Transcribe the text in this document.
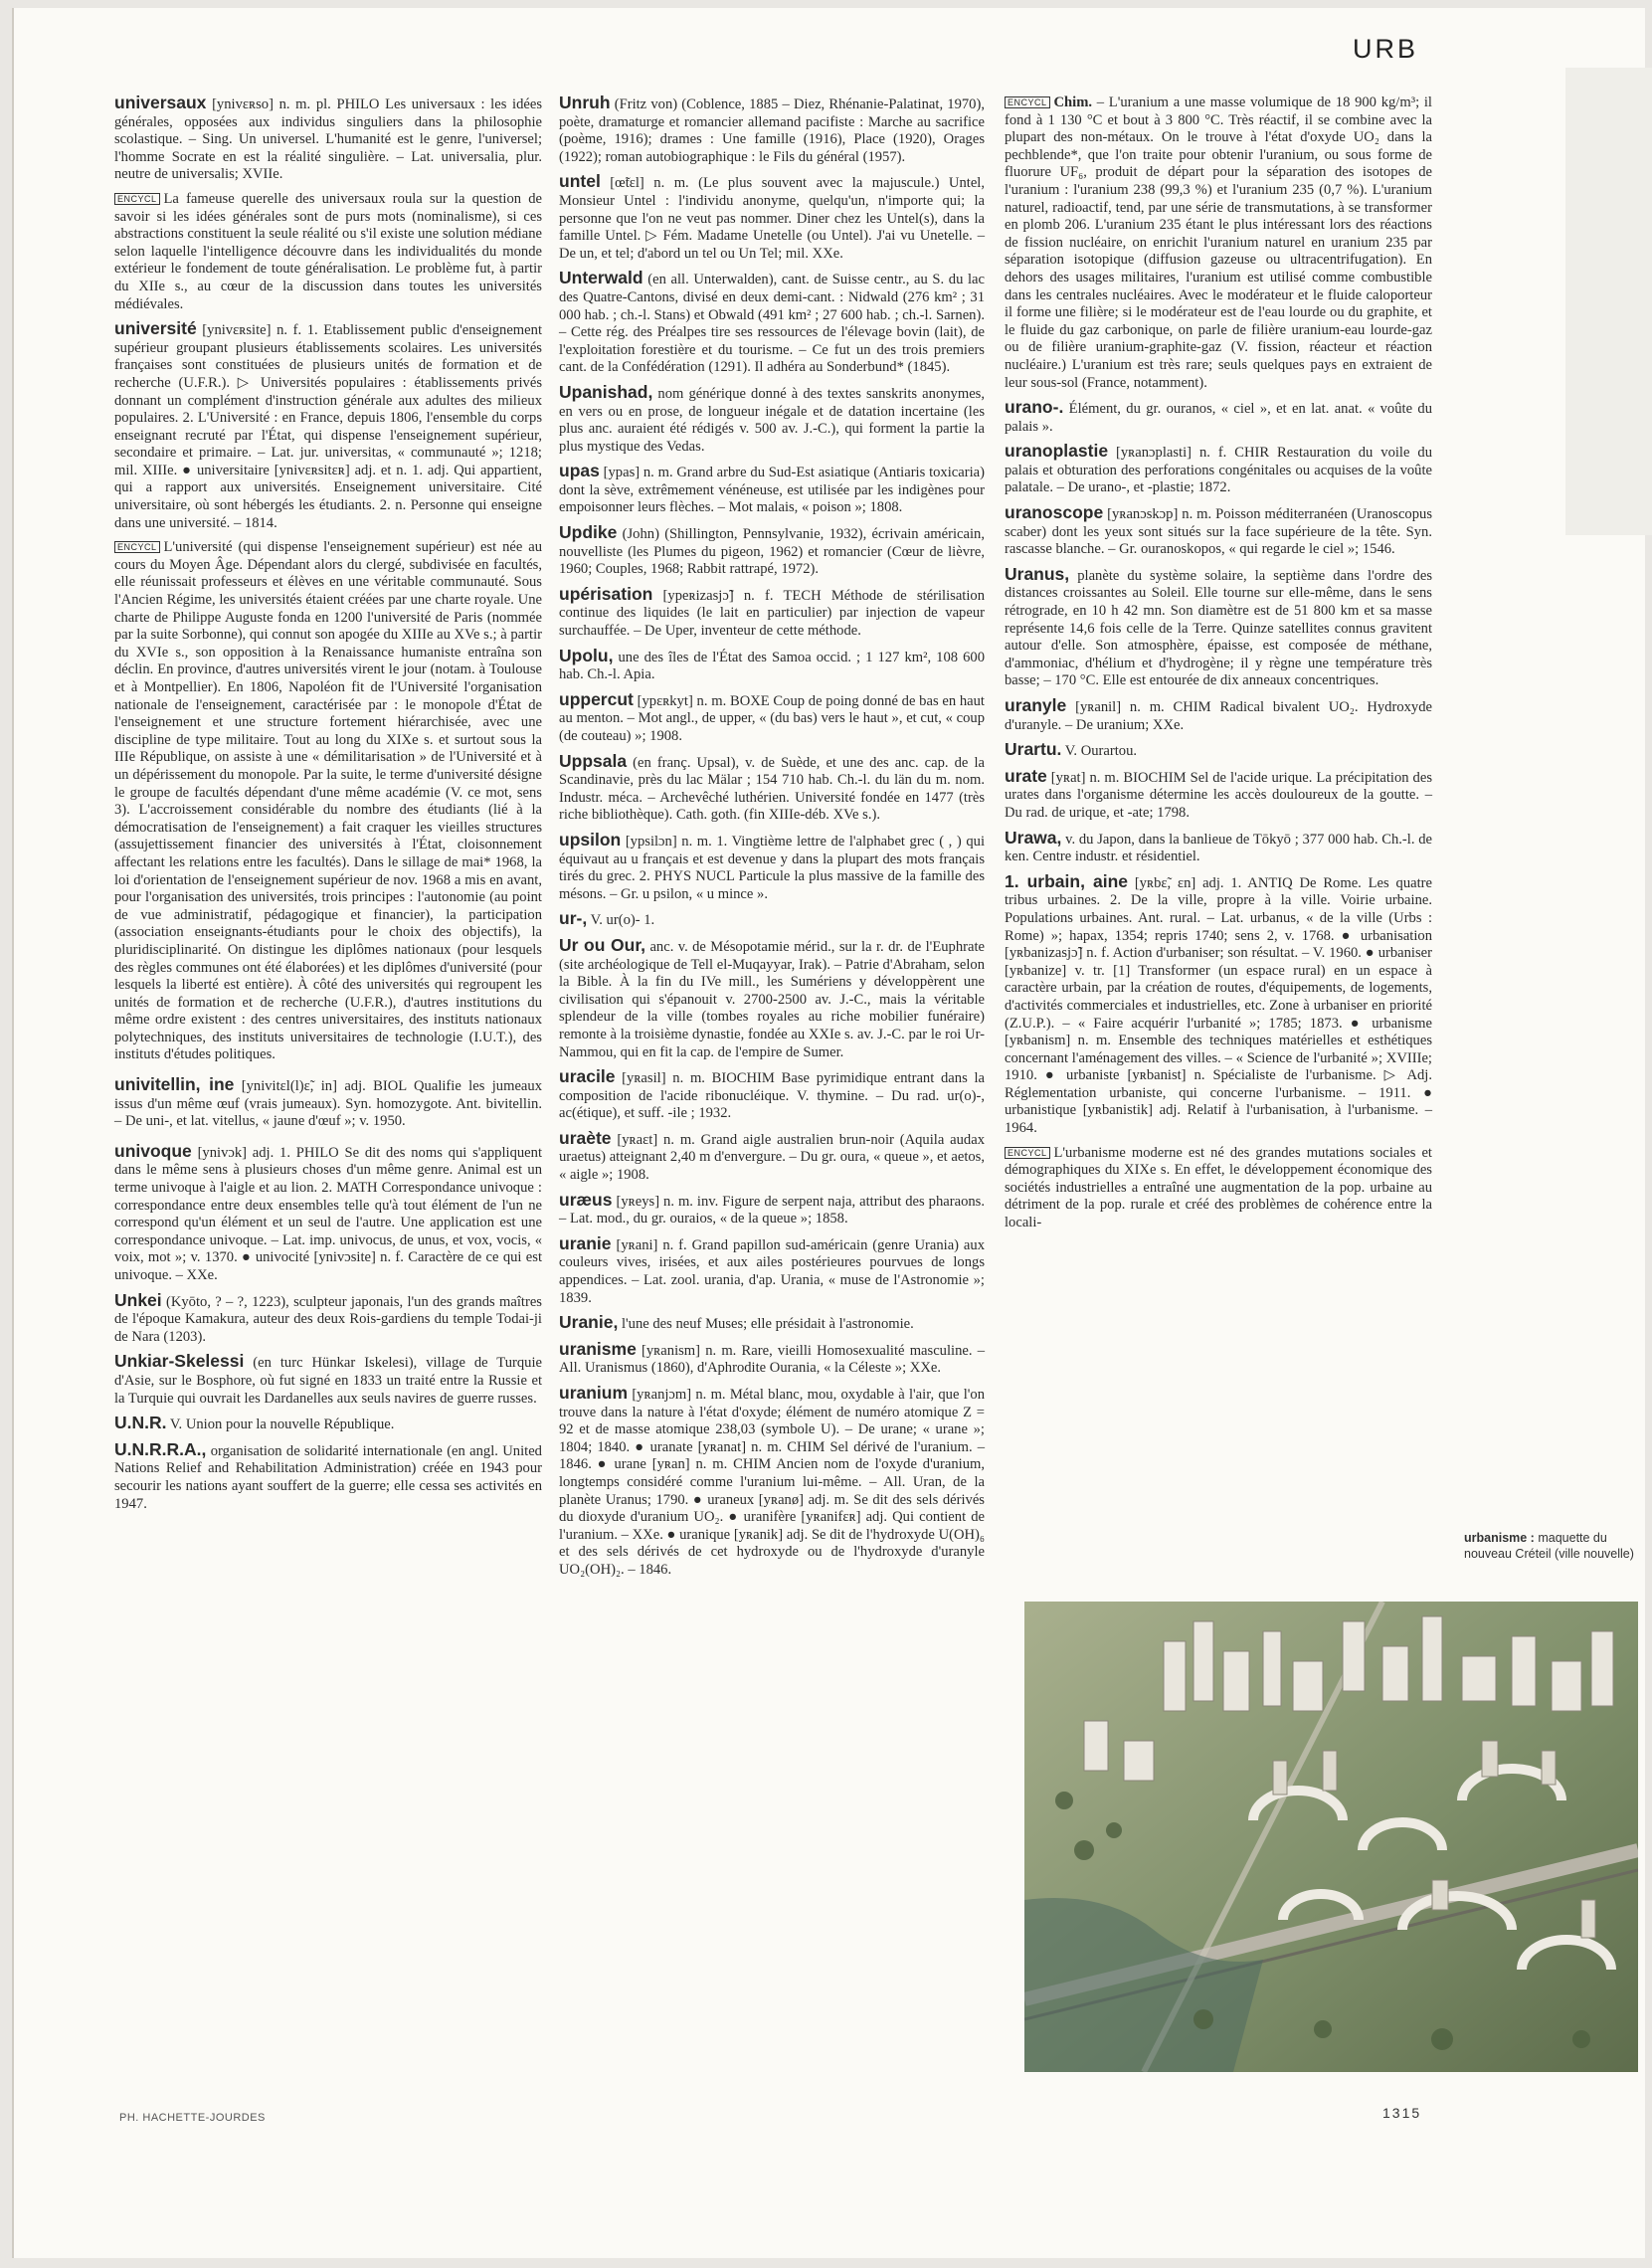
URB

universaux [ynivɛʀso] n. m. pl. PHILO Les universaux : les idées générales, opposées aux individus singuliers dans la philosophie scolastique. – Sing. Un universel. L'humanité est le genre, l'universel; l'homme Socrate en est la réalité singulière. – Lat. universalia, plur. neutre de universalis; XVIIe.

ENCYCL La fameuse querelle des universaux roula sur la question de savoir si les idées générales sont de purs mots (nominalisme), si ces abstractions constituent la seule réalité ou s'il existe une solution médiane selon laquelle l'intelligence découvre dans les individualités du monde extérieur le fondement de toute généralisation. Le problème fut, à partir du XIIe s., au cœur de la discussion dans toutes les universités médiévales.

université [ynivɛʀsite] n. f. 1. Etablissement public d'enseignement supérieur groupant plusieurs établissements scolaires. Les universités françaises sont constituées de plusieurs unités de formation et de recherche (U.F.R.). ▷ Universités populaires : établissements privés donnant un complément d'instruction générale aux adultes des milieux populaires. 2. L'Université : en France, depuis 1806, l'ensemble du corps enseignant recruté par l'État, qui dispense l'enseignement supérieur, secondaire et primaire. – Lat. jur. universitas, « communauté »; 1218; mil. XIIIe. ● universitaire [ynivɛʀsitɛʀ] adj. et n. 1. adj. Qui appartient, qui a rapport aux universités. Enseignement universitaire. Cité universitaire, où sont hébergés les étudiants. 2. n. Personne qui enseigne dans une université. – 1814.

ENCYCL L'université (qui dispense l'enseignement supérieur) est née au cours du Moyen Âge. Dépendant alors du clergé, subdivisée en facultés, elle réunissait professeurs et élèves en une véritable communauté. Sous l'Ancien Régime, les universités étaient créées par une charte royale. Une charte de Philippe Auguste fonda en 1200 l'université de Paris (nommée par la suite Sorbonne), qui connut son apogée du XIIIe au XVe s.; à partir du XVIe s., son opposition à la Renaissance humaniste entraîna son déclin. En province, d'autres universités virent le jour (notam. à Toulouse et à Montpellier). En 1806, Napoléon fit de l'Université l'organisation nationale de l'enseignement, caractérisée par : le monopole d'État de l'enseignement et une structure fortement hiérarchisée, avec une discipline de type militaire. Tout au long du XIXe s. et surtout sous la IIIe République, on assiste à une « démilitarisation » de l'Université et à un dépérissement du monopole. Par la suite, le terme d'université désigne le groupe de facultés dépendant d'une même académie (V. ce mot, sens 3). L'accroissement considérable du nombre des étudiants (lié à la démocratisation de l'enseignement) a fait craquer les vieilles structures (assujettissement financier des universités à l'État, cloisonnement affectant les relations entre les facultés). Dans le sillage de mai* 1968, la loi d'orientation de l'enseignement supérieur de nov. 1968 a mis en avant, pour l'organisation des universités, trois principes : l'autonomie (au point de vue administratif, pédagogique et financier), la participation (association enseignants-étudiants pour le choix des objectifs), la pluridisciplinarité. On distingue les diplômes nationaux (pour lesquels des règles communes ont été élaborées) et les diplômes d'université (pour lesquels la liberté est entière). À côté des universités qui regroupent les unités de formation et de recherche (U.F.R.), d'autres institutions du même ordre existent : des centres universitaires, des instituts nationaux polytechniques, des instituts universitaires de technologie (I.U.T.), des instituts d'études politiques.

univitellin, ine [ynivitɛl(l)ɛ̃, in] adj. BIOL Qualifie les jumeaux issus d'un même œuf (vrais jumeaux). Syn. homozygote. Ant. bivitellin. – De uni-, et lat. vitellus, « jaune d'œuf »; v. 1950.

univoque [ynivɔk] adj. 1. PHILO Se dit des noms qui s'appliquent dans le même sens à plusieurs choses d'un même genre. Animal est un terme univoque à l'aigle et au lion. 2. MATH Correspondance univoque : correspondance entre deux ensembles telle qu'à tout élément de l'un ne correspond qu'un élément et un seul de l'autre. Une application est une correspondance univoque. – Lat. imp. univocus, de unus, et vox, vocis, « voix, mot »; v. 1370. ● univocité [ynivɔsite] n. f. Caractère de ce qui est univoque. – XXe.

Unkei (Kyōto, ? – ?, 1223), sculpteur japonais, l'un des grands maîtres de l'époque Kamakura, auteur des deux Rois-gardiens du temple Todai-ji de Nara (1203).

Unkiar-Skelessi (en turc Hünkar Iskelesi), village de Turquie d'Asie, sur le Bosphore, où fut signé en 1833 un traité entre la Russie et la Turquie qui ouvrait les Dardanelles aux seuls navires de guerre russes.

U.N.R. V. Union pour la nouvelle République.

U.N.R.R.A., organisation de solidarité internationale (en angl. United Nations Relief and Rehabilitation Administration) créée en 1943 pour secourir les nations ayant souffert de la guerre; elle cessa ses activités en 1947.

Unruh (Fritz von) (Coblence, 1885 – Diez, Rhénanie-Palatinat, 1970), poète, dramaturge et romancier allemand pacifiste : Marche au sacrifice (poème, 1916); drames : Une famille (1916), Place (1920), Orages (1922); roman autobiographique : le Fils du général (1957).

untel [œ̃tɛl] n. m. (Le plus souvent avec la majuscule.) Untel, Monsieur Untel : l'individu anonyme, quelqu'un, n'importe qui; la personne que l'on ne veut pas nommer. Diner chez les Untel(s), dans la famille Untel. ▷ Fém. Madame Unetelle (ou Untel). J'ai vu Unetelle. – De un, et tel; d'abord un tel ou Un Tel; mil. XXe.

Unterwald (en all. Unterwalden), cant. de Suisse centr., au S. du lac des Quatre-Cantons, divisé en deux demi-cant. : Nidwald (276 km² ; 31 000 hab. ; ch.-l. Stans) et Obwald (491 km² ; 27 600 hab. ; ch.-l. Sarnen). – Cette rég. des Préalpes tire ses ressources de l'élevage bovin (lait), de l'exploitation forestière et du tourisme. – Ce fut un des trois premiers cant. de la Confédération (1291). Il adhéra au Sonderbund* (1845).

Upanishad, nom générique donné à des textes sanskrits anonymes, en vers ou en prose, de longueur inégale et de datation incertaine (les plus anc. auraient été rédigés v. 500 av. J.-C.), qui forment la partie la plus mystique des Vedas.

upas [ypas] n. m. Grand arbre du Sud-Est asiatique (Antiaris toxicaria) dont la sève, extrêmement vénéneuse, est utilisée par les indigènes pour empoisonner leurs flèches. – Mot malais, « poison »; 1808.

Updike (John) (Shillington, Pennsylvanie, 1932), écrivain américain, nouvelliste (les Plumes du pigeon, 1962) et romancier (Cœur de lièvre, 1960; Couples, 1968; Rabbit rattrapé, 1972).

upérisation [ypeʀizasjɔ̃] n. f. TECH Méthode de stérilisation continue des liquides (le lait en particulier) par injection de vapeur surchauffée. – De Uper, inventeur de cette méthode.

Upolu, une des îles de l'État des Samoa occid. ; 1 127 km², 108 600 hab. Ch.-l. Apia.

uppercut [ypɛʀkyt] n. m. BOXE Coup de poing donné de bas en haut au menton. – Mot angl., de upper, « (du bas) vers le haut », et cut, « coup (de couteau) »; 1908.

Uppsala (en franç. Upsal), v. de Suède, et une des anc. cap. de la Scandinavie, près du lac Mälar ; 154 710 hab. Ch.-l. du län du m. nom. Industr. méca. – Archevêché luthérien. Université fondée en 1477 (très riche bibliothèque). Cath. goth. (fin XIIIe-déb. XVe s.).

upsilon [ypsilɔn] n. m. 1. Vingtième lettre de l'alphabet grec ( , ) qui équivaut au u français et est devenue y dans la plupart des mots français tirés du grec. 2. PHYS NUCL Particule la plus massive de la famille des mésons. – Gr. u psilon, « u mince ».

ur-, V. ur(o)- 1.

Ur ou Our, anc. v. de Mésopotamie mérid., sur la r. dr. de l'Euphrate (site archéologique de Tell el-Muqayyar, Irak). – Patrie d'Abraham, selon la Bible. À la fin du IVe mill., les Sumériens y développèrent une civilisation qui s'épanouit v. 2700-2500 av. J.-C., mais la véritable splendeur de la ville (tombes royales au riche mobilier funéraire) remonte à la troisième dynastie, fondée au XXIe s. av. J.-C. par le roi Ur-Nammou, qui en fit la cap. de l'empire de Sumer.

uracile [yʀasil] n. m. BIOCHIM Base pyrimidique entrant dans la composition de l'acide ribonucléique. V. thymine. – Du rad. ur(o)-, ac(étique), et suff. -ile ; 1932.

uraète [yʀaɛt] n. m. Grand aigle australien brun-noir (Aquila audax uraetus) atteignant 2,40 m d'envergure. – Du gr. oura, « queue », et aetos, « aigle »; 1908.

uræus [yʀeys] n. m. inv. Figure de serpent naja, attribut des pharaons. – Lat. mod., du gr. ouraios, « de la queue »; 1858.

uranie [yʀani] n. f. Grand papillon sud-américain (genre Urania) aux couleurs vives, irisées, et aux ailes postérieures pourvues de longs appendices. – Lat. zool. urania, d'ap. Urania, « muse de l'Astronomie »; 1839.

Uranie, l'une des neuf Muses; elle présidait à l'astronomie.

uranisme [yʀanism] n. m. Rare, vieilli Homosexualité masculine. – All. Uranismus (1860), d'Aphrodite Ourania, « la Céleste »; XXe.

uranium [yʀanjɔm] n. m. Métal blanc, mou, oxydable à l'air, que l'on trouve dans la nature à l'état d'oxyde; élément de numéro atomique Z = 92 et de masse atomique 238,03 (symbole U). – De urane; « urane »; 1804; 1840. ● uranate [yʀanat] n. m. CHIM Sel dérivé de l'uranium. – 1846. ● urane [yʀan] n. m. CHIM Ancien nom de l'oxyde d'uranium, longtemps considéré comme l'uranium lui-même. – All. Uran, de la planète Uranus; 1790. ● uraneux [yʀanø] adj. m. Se dit des sels dérivés du dioxyde d'uranium UO₂. ● uranifère [yʀanifɛʀ] adj. Qui contient de l'uranium. – XXe. ● uranique [yʀanik] adj. Se dit de l'hydroxyde U(OH)₆ et des sels dérivés de cet hydroxyde ou de l'hydroxyde d'uranyle UO₂(OH)₂. – 1846.

ENCYCL Chim. – L'uranium a une masse volumique de 18 900 kg/m³; il fond à 1 130 °C et bout à 3 800 °C. Très réactif, il se combine avec la plupart des non-métaux. On le trouve à l'état d'oxyde UO₂ dans la pechblende*, que l'on traite pour obtenir l'uranium, ou sous forme de fluorure UF₆, produit de départ pour la séparation des isotopes de l'uranium : l'uranium 238 (99,3 %) et l'uranium 235 (0,7 %). L'uranium naturel, radioactif, tend, par une série de transmutations, à se transformer en plomb 206. L'uranium 235 étant le plus intéressant lors des réactions de fission nucléaire, on enrichit l'uranium naturel en uranium 235 par séparation isotopique (diffusion gazeuse ou ultracentrifugation). En dehors des usages militaires, l'uranium est utilisé comme combustible dans les centrales nucléaires. Avec le modérateur et le fluide caloporteur il forme une filière; si le modérateur est de l'eau lourde ou du graphite, et le fluide du gaz carbonique, on parle de filière uranium-eau lourde-gaz ou de filière uranium-graphite-gaz (V. fission, réacteur et réaction nucléaire.) L'uranium est très rare; seuls quelques pays en extraient de leur sous-sol (France, notamment).

urano-. Élément, du gr. ouranos, « ciel », et en lat. anat. « voûte du palais ».

uranoplastie [yʀanɔplasti] n. f. CHIR Restauration du voile du palais et obturation des perforations congénitales ou acquises de la voûte palatale. – De urano-, et -plastie; 1872.

uranoscope [yʀanɔskɔp] n. m. Poisson méditerranéen (Uranoscopus scaber) dont les yeux sont situés sur la face supérieure de la tête. Syn. rascasse blanche. – Gr. ouranoskopos, « qui regarde le ciel »; 1546.

Uranus, planète du système solaire, la septième dans l'ordre des distances croissantes au Soleil. Elle tourne sur elle-même, dans le sens rétrograde, en 10 h 42 mn. Son diamètre est de 51 800 km et sa masse représente 14,6 fois celle de la Terre. Quinze satellites connus gravitent autour d'elle. Son atmosphère, épaisse, est composée de méthane, d'ammoniac, d'hélium et d'hydrogène; il y règne une température très basse; – 170 °C. Elle est entourée de dix anneaux concentriques.

uranyle [yʀanil] n. m. CHIM Radical bivalent UO₂. Hydroxyde d'uranyle. – De uranium; XXe.

Urartu. V. Ourartou.

urate [yʀat] n. m. BIOCHIM Sel de l'acide urique. La précipitation des urates dans l'organisme détermine les accès douloureux de la goutte. – Du rad. de urique, et -ate; 1798.

Urawa, v. du Japon, dans la banlieue de Tōkyō ; 377 000 hab. Ch.-l. de ken. Centre industr. et résidentiel.

1. urbain, aine [yʀbɛ̃, ɛn] adj. 1. ANTIQ De Rome. Les quatre tribus urbaines. 2. De la ville, propre à la ville. Voirie urbaine. Populations urbaines. Ant. rural. – Lat. urbanus, « de la ville (Urbs : Rome) »; hapax, 1354; repris 1740; sens 2, v. 1768. ● urbanisation [yʀbanizasjɔ̃] n. f. Action d'urbaniser; son résultat. – V. 1960. ● urbaniser [yʀbanize] v. tr. [1] Transformer (un espace rural) en un espace à caractère urbain, par la création de routes, d'équipements, de logements, d'activités commerciales et industrielles, etc. Zone à urbaniser en priorité (Z.U.P.). – « Faire acquérir l'urbanité »; 1785; 1873. ● urbanisme [yʀbanism] n. m. Ensemble des techniques matérielles et esthétiques concernant l'aménagement des villes. – « Science de l'urbanité »; XVIIIe; 1910. ● urbaniste [yʀbanist] n. Spécialiste de l'urbanisme. ▷ Adj. Réglementation urbaniste, qui concerne l'urbanisme. – 1911. ● urbanistique [yʀbanistik] adj. Relatif à l'urbanisation, à l'urbanisme. – 1964.

ENCYCL L'urbanisme moderne est né des grandes mutations sociales et démographiques du XIXe s. En effet, le développement économique des sociétés industrielles a entraîné une augmentation de la pop. urbaine au détriment de la pop. rurale et créé des problèmes de cohérence entre la locali-

urbanisme : maquette du nouveau Créteil (ville nouvelle)
PH. HACHETTE-JOURDES	1315
